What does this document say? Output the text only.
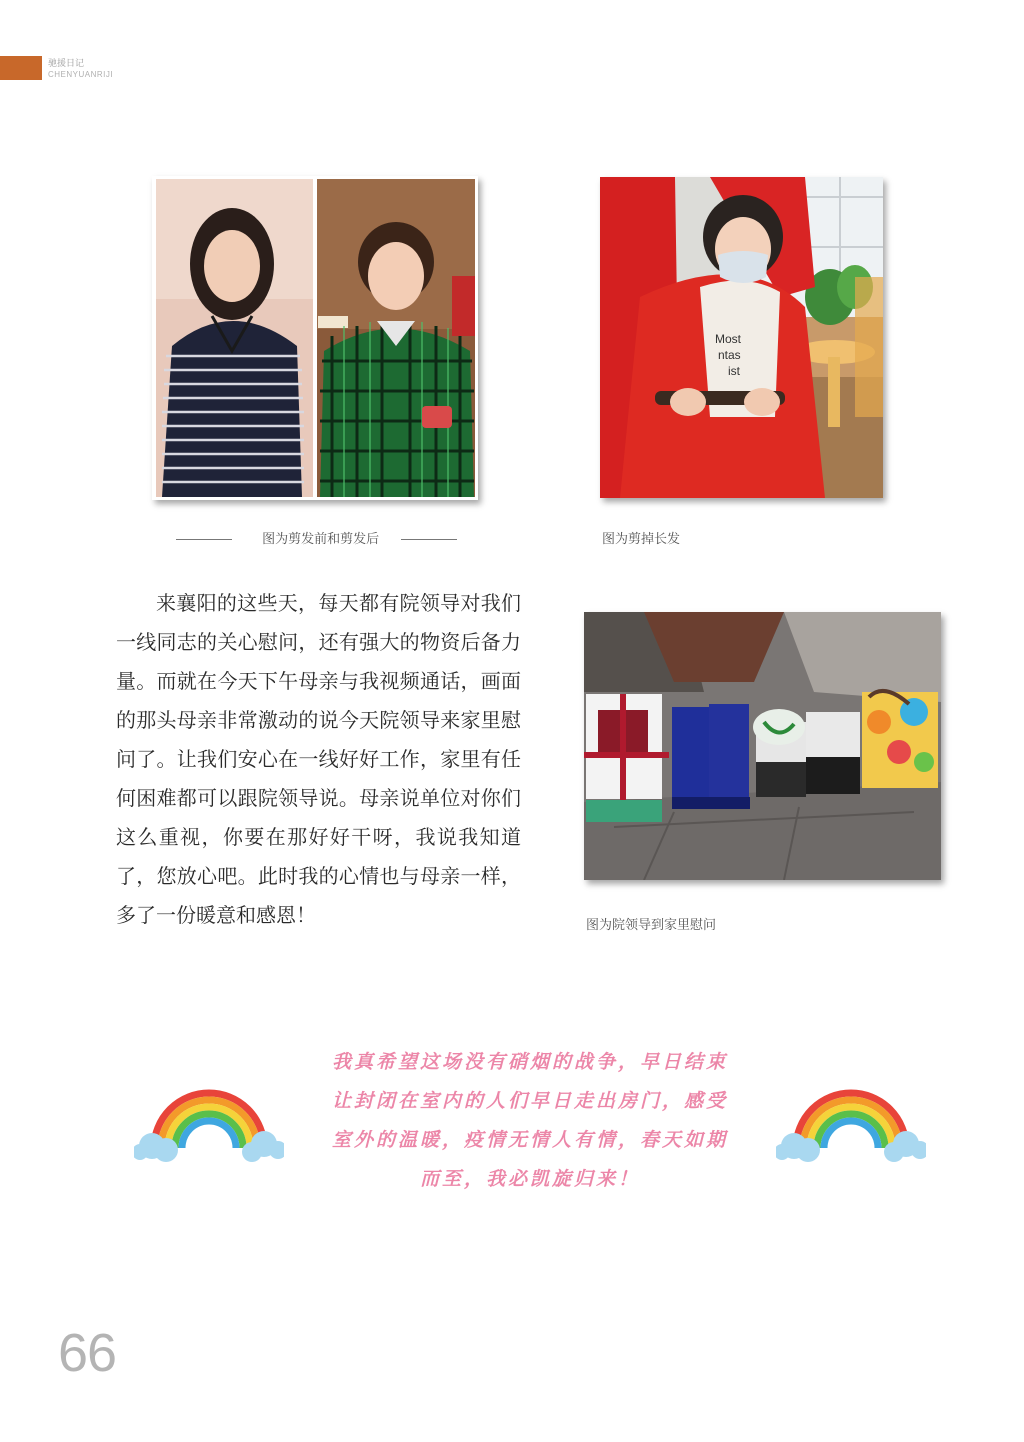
驰援日记
CHENYUANRIJI
Most
ntas
ist
图为剪发前和剪发后	图为剪掉长发
来襄阳的这些天，每天都有院领导对我们一线同志的关心慰问，还有强大的物资后备力量。而就在今天下午母亲与我视频通话，画面的那头母亲非常激动的说今天院领导来家里慰问了。让我们安心在一线好好工作，家里有任何困难都可以跟院领导说。母亲说单位对你们这么重视，你要在那好好干呀，我说我知道了，您放心吧。此时我的心情也与母亲一样，多了一份暖意和感恩！	图为院领导到家里慰问
我真希望这场没有硝烟的战争，早日结束
让封闭在室内的人们早日走出房门，感受
室外的温暖，疫情无情人有情，春天如期
而至，我必凯旋归来！
66
